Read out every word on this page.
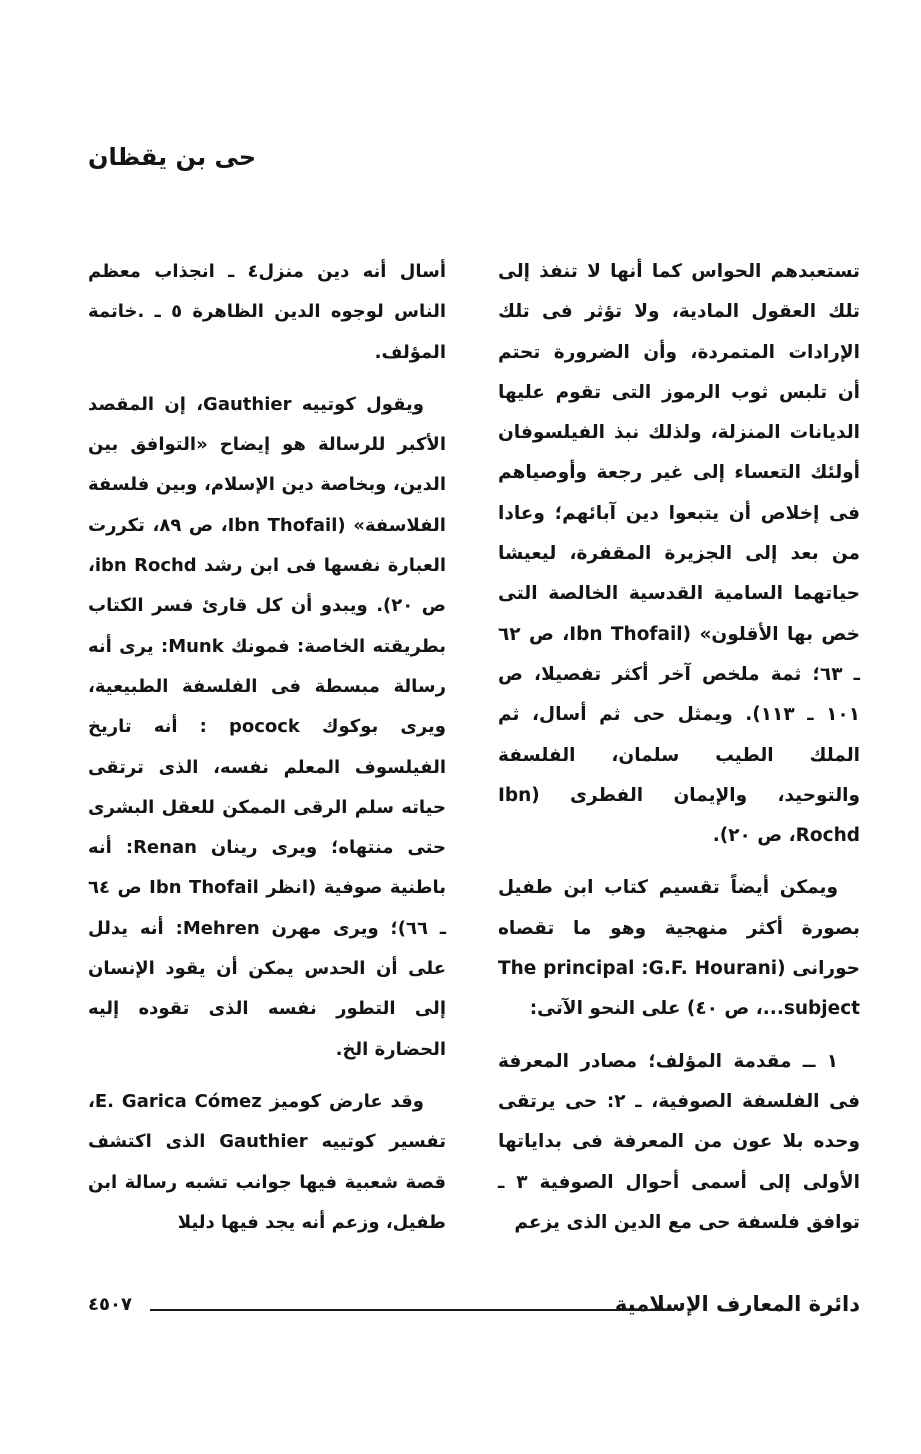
حى بن يقظان

تستعبدهم الحواس كما أنها لا تنفذ إلى تلك العقول المادية، ولا تؤثر فى تلك الإرادات المتمردة، وأن الضرورة تحتم أن تلبس ثوب الرموز التى تقوم عليها الديانات المنزلة، ولذلك نبذ الفيلسوفان أولئك التعساء إلى غير رجعة وأوصياهم فى إخلاص أن يتبعوا دين آبائهم؛ وعادا من بعد إلى الجزيرة المقفرة، ليعيشا حياتهما السامية القدسية الخالصة التى خص بها الأقلون» (Ibn Thofail، ص ٦٢ ـ ٦٣؛ ثمة ملخص آخر أكثر تفصيلا، ص ١٠١ ـ ١١٣). ويمثل حى ثم أسال، ثم الملك الطيب سلمان، الفلسفة والتوحيد، والإيمان الفطرى (Ibn Rochd، ص ٢٠).

ويمكن أيضاً تقسيم كتاب ابن طفيل بصورة أكثر منهجية وهو ما تقصاه حورانى (The principal :G.F. Hourani subject...، ص ٤٠) على النحو الآتى:

١ ــ مقدمة المؤلف؛ مصادر المعرفة فى الفلسفة الصوفية، ـ ٢: حى يرتقى وحده بلا عون من المعرفة فى بداياتها الأولى إلى أسمى أحوال الصوفية ٣ ـ توافق فلسفة حى مع الدين الذى يزعم

أسال أنه دين منزل٤ ـ انجذاب معظم الناس لوجوه الدين الظاهرة ٥ ـ .خاتمة المؤلف.

ويقول كوتييه Gauthier، إن المقصد الأكبر للرسالة هو إيضاح «التوافق بين الدين، وبخاصة دين الإسلام، وبين فلسفة الفلاسفة» (Ibn Thofail، ص ٨٩، تكررت العبارة نفسها فى ابن رشد ibn Rochd، ص ٢٠). ويبدو أن كل قارئ فسر الكتاب بطريقته الخاصة: فمونك Munk: يرى أنه رسالة مبسطة فى الفلسفة الطبيعية، ويرى بوكوك pocock : أنه تاريخ الفيلسوف المعلم نفسه، الذى ترتقى حياته سلم الرقى الممكن للعقل البشرى حتى منتهاه؛ ويرى رينان Renan: أنه باطنية صوفية (انظر Ibn Thofail ص ٦٤ ـ ٦٦)؛ ويرى مهرن Mehren: أنه يدلل على أن الحدس يمكن أن يقود الإنسان إلى التطور نفسه الذى تقوده إليه الحضارة الخ.

وقد عارض كوميز E. Garica Cómez، تفسير كوتييه Gauthier الذى اكتشف قصة شعبية فيها جوانب تشبه رسالة ابن طفيل، وزعم أنه يجد فيها دليلا

دائرة المعارف الإسلامية
٤٥٠٧
